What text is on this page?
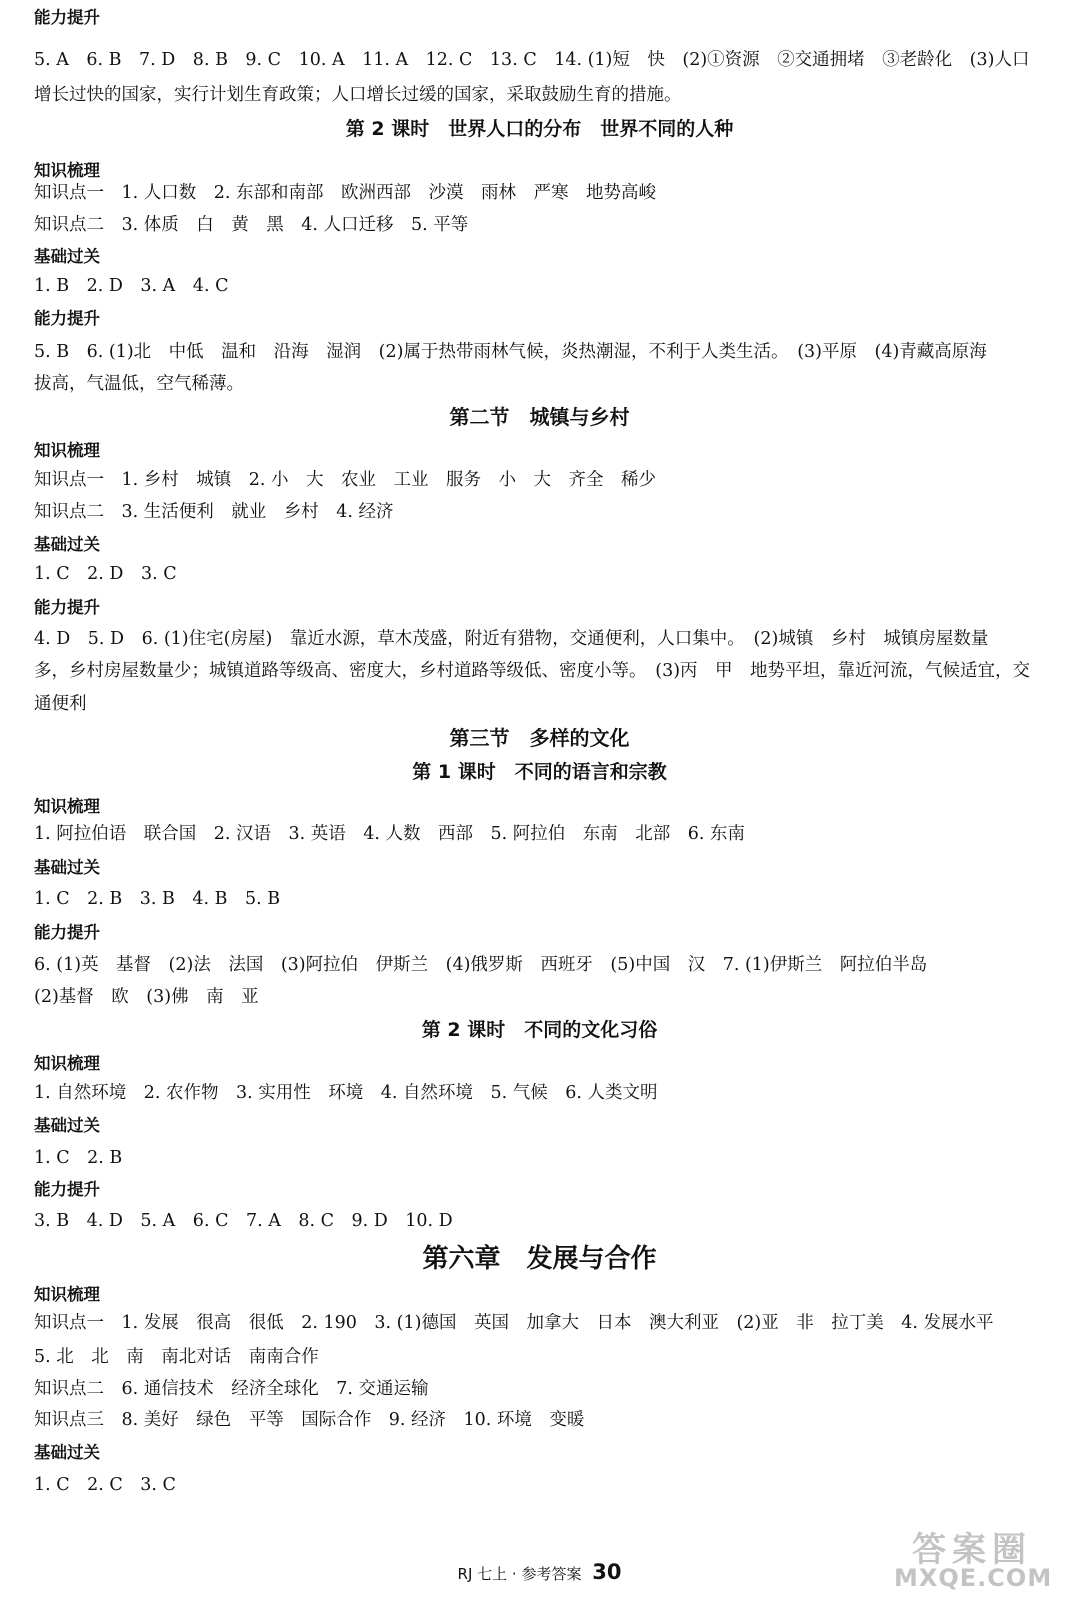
能力提升
5. A　6. B　7. D　8. B　9. C　10. A　11. A　12. C　13. C　14. (1)短　快　(2)①资源　②交通拥堵　③老龄化　(3)人口
增长过快的国家，实行计划生育政策；人口增长过缓的国家，采取鼓励生育的措施。
第 2 课时　世界人口的分布　世界不同的人种
知识梳理
知识点一　1. 人口数　2. 东部和南部　欧洲西部　沙漠　雨林　严寒　地势高峻
知识点二　3. 体质　白　黄　黑　4. 人口迁移　5. 平等
基础过关
1. B　2. D　3. A　4. C
能力提升
5. B　6. (1)北　中低　温和　沿海　湿润　(2)属于热带雨林气候，炎热潮湿，不利于人类生活。　(3)平原　(4)青藏高原海
拔高，气温低，空气稀薄。
第二节　城镇与乡村
知识梳理
知识点一　1. 乡村　城镇　2. 小　大　农业　工业　服务　小　大　齐全　稀少
知识点二　3. 生活便利　就业　乡村　4. 经济
基础过关
1. C　2. D　3. C
能力提升
4. D　5. D　6. (1)住宅(房屋)　靠近水源，草木茂盛，附近有猎物，交通便利，人口集中。　(2)城镇　乡村　城镇房屋数量
多，乡村房屋数量少；城镇道路等级高、密度大，乡村道路等级低、密度小等。　(3)丙　甲　地势平坦，靠近河流，气候适宜，交
通便利
第三节　多样的文化
第 1 课时　不同的语言和宗教
知识梳理
1. 阿拉伯语　联合国　2. 汉语　3. 英语　4. 人数　西部　5. 阿拉伯　东南　北部　6. 东南
基础过关
1. C　2. B　3. B　4. B　5. B
能力提升
6. (1)英　基督　(2)法　法国　(3)阿拉伯　伊斯兰　(4)俄罗斯　西班牙　(5)中国　汉　7. (1)伊斯兰　阿拉伯半岛
(2)基督　欧　(3)佛　南　亚
第 2 课时　不同的文化习俗
知识梳理
1. 自然环境　2. 农作物　3. 实用性　环境　4. 自然环境　5. 气候　6. 人类文明
基础过关
1. C　2. B
能力提升
3. B　4. D　5. A　6. C　7. A　8. C　9. D　10. D
第六章　发展与合作
知识梳理
知识点一　1. 发展　很高　很低　2. 190　3. (1)德国　英国　加拿大　日本　澳大利亚　(2)亚　非　拉丁美　4. 发展水平
5. 北　北　南　南北对话　南南合作
知识点二　6. 通信技术　经济全球化　7. 交通运输
知识点三　8. 美好　绿色　平等　国际合作　9. 经济　10. 环境　变暖
基础过关
1. C　2. C　3. C
RJ 七上 · 参考答案 30
答案圈
MXQE.COM
